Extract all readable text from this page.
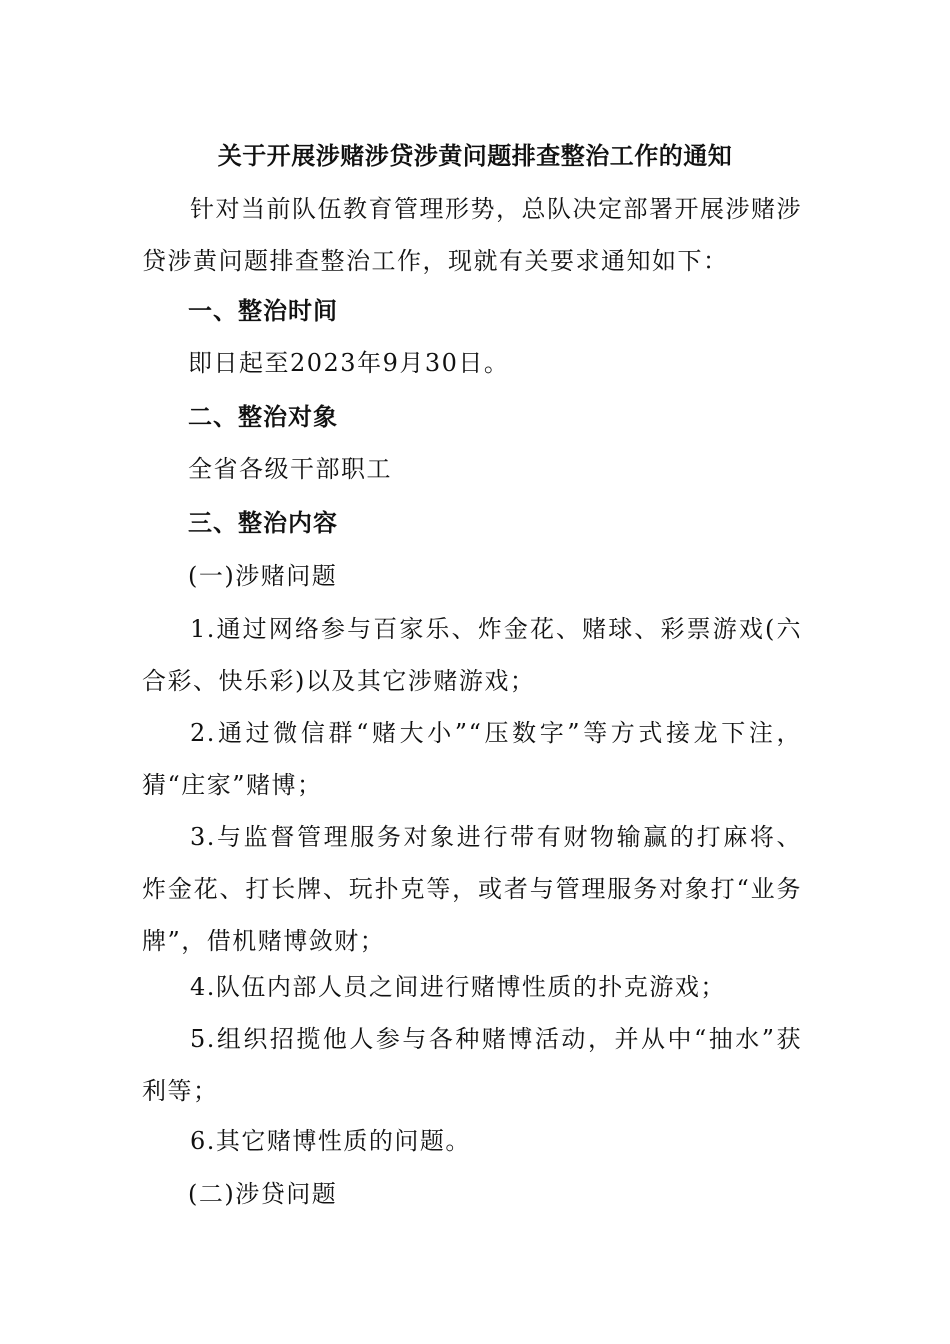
关于开展涉赌涉贷涉黄问题排查整治工作的通知
针对当前队伍教育管理形势，总队决定部署开展涉赌涉贷涉黄问题排查整治工作，现就有关要求通知如下：
一、整治时间
即日起至2023年9月30日。
二、整治对象
全省各级干部职工
三、整治内容
(一)涉赌问题
1.通过网络参与百家乐、炸金花、赌球、彩票游戏(六合彩、快乐彩)以及其它涉赌游戏；
2.通过微信群“赌大小”“压数字”等方式接龙下注，猜“庄家”赌博；
3.与监督管理服务对象进行带有财物输赢的打麻将、炸金花、打长牌、玩扑克等，或者与管理服务对象打“业务牌”，借机赌博敛财；
4.队伍内部人员之间进行赌博性质的扑克游戏；
5.组织招揽他人参与各种赌博活动，并从中“抽水”获利等；
6.其它赌博性质的问题。
(二)涉贷问题
